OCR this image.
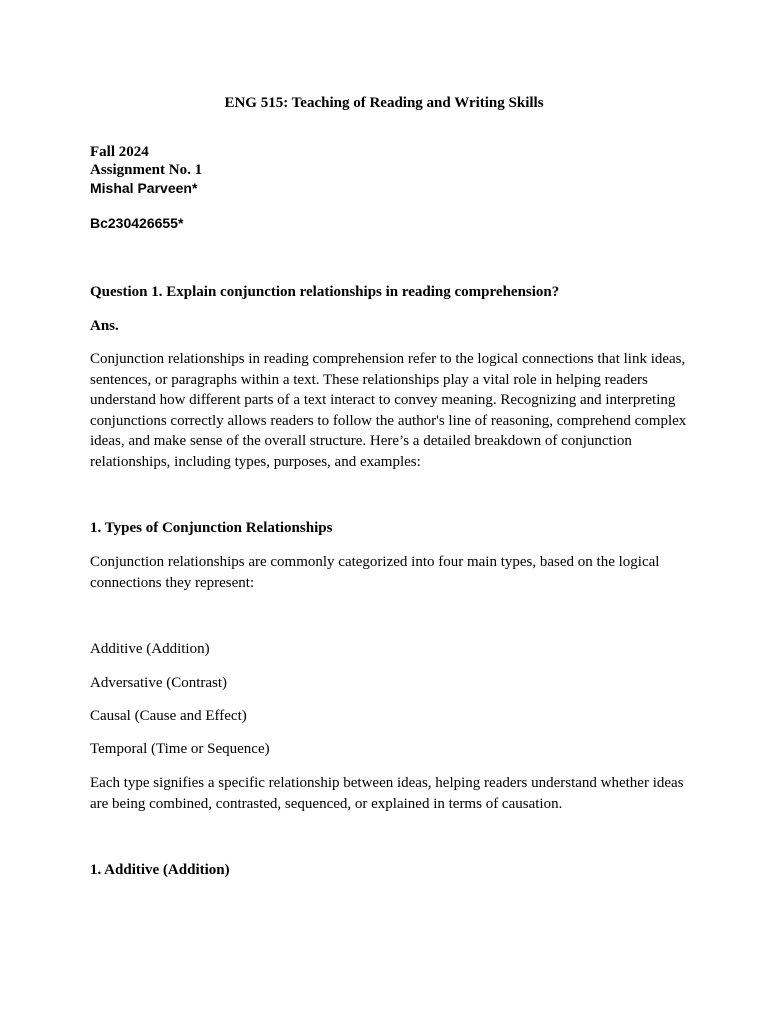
ENG 515: Teaching of Reading and Writing Skills
Fall 2024
Assignment No. 1
Mishal Parveen*
Bc230426655*
Question 1. Explain conjunction relationships in reading comprehension?
Ans.
Conjunction relationships in reading comprehension refer to the logical connections that link ideas, sentences, or paragraphs within a text. These relationships play a vital role in helping readers understand how different parts of a text interact to convey meaning. Recognizing and interpreting conjunctions correctly allows readers to follow the author's line of reasoning, comprehend complex ideas, and make sense of the overall structure. Here’s a detailed breakdown of conjunction relationships, including types, purposes, and examples:
1. Types of Conjunction Relationships
Conjunction relationships are commonly categorized into four main types, based on the logical connections they represent:
Additive (Addition)
Adversative (Contrast)
Causal (Cause and Effect)
Temporal (Time or Sequence)
Each type signifies a specific relationship between ideas, helping readers understand whether ideas are being combined, contrasted, sequenced, or explained in terms of causation.
1. Additive (Addition)
